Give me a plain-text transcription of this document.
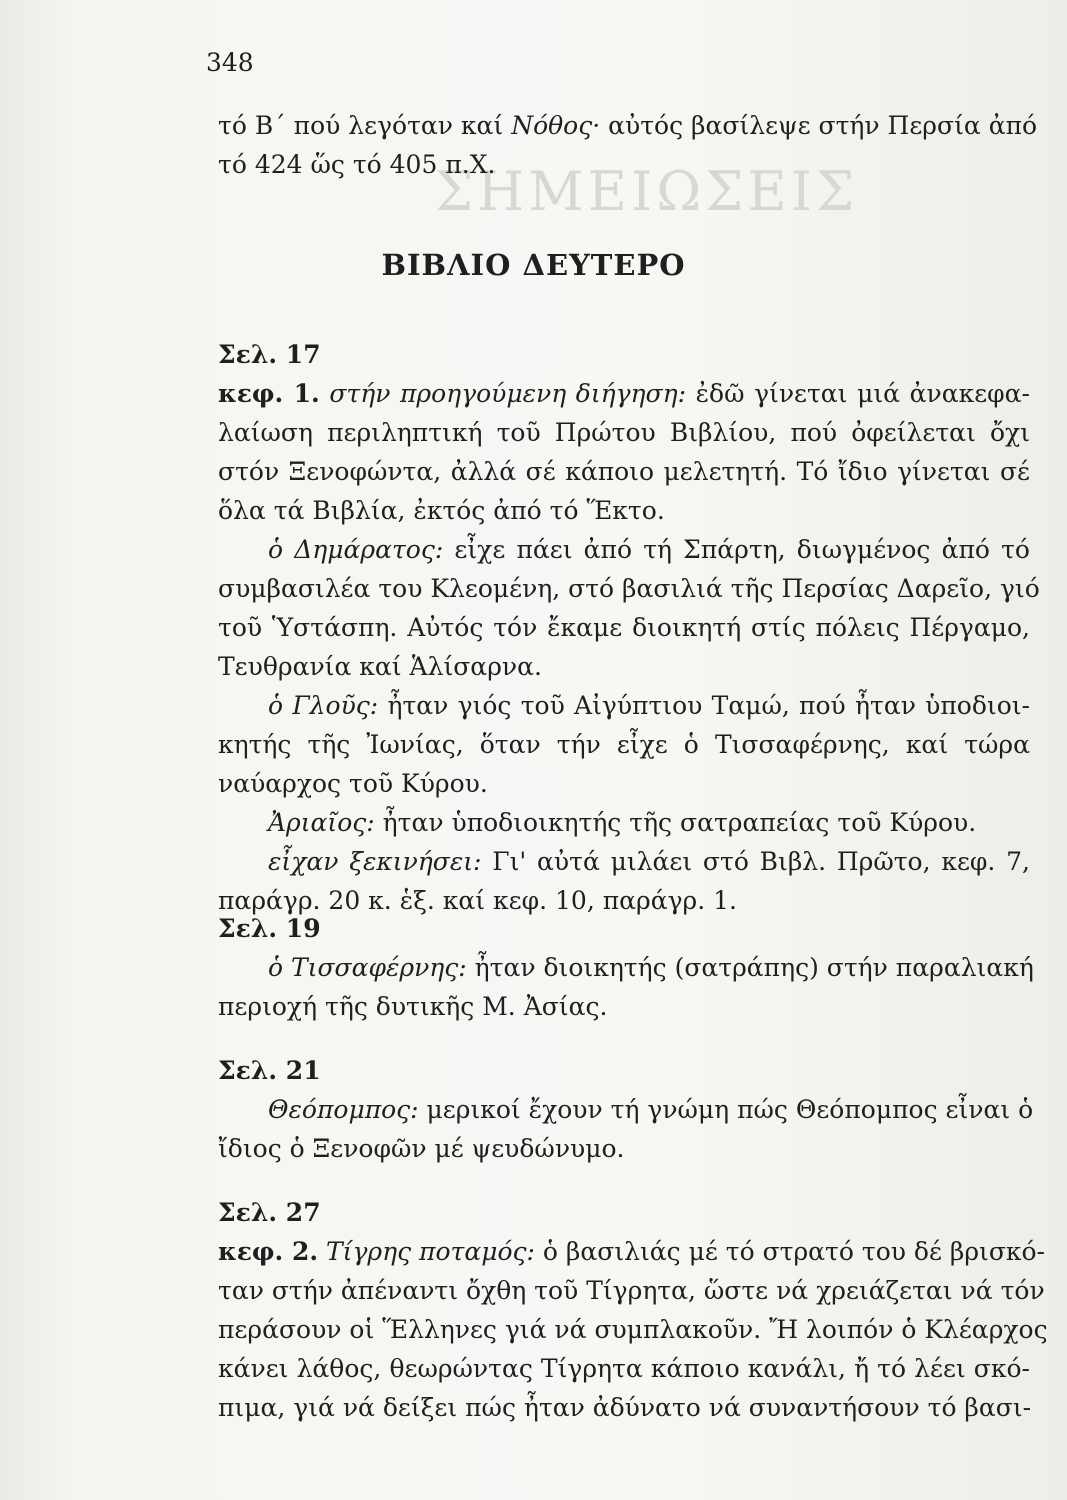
ΣΗΜΕΙΩΣΕΙΣ
348
τό Β΄ πού λεγόταν καί Νόθος· αὐτός βασίλεψε στήν Περσία ἀπό
τό 424 ὥς τό 405 π.Χ.
ΒΙΒΛΙΟ ΔΕΥΤΕΡΟ
Σελ. 17
κεφ. 1. στήν προηγούμενη διήγηση: ἐδῶ γίνεται μιά ἀνακεφα-
λαίωση περιληπτική τοῦ Πρώτου Βιβλίου, πού ὀφείλεται ὄχι
στόν Ξενοφώντα, ἀλλά σέ κάποιο μελετητή. Τό ἴδιο γίνεται σέ
ὅλα τά Βιβλία, ἐκτός ἀπό τό Ἕκτο.
ὁ Δημάρατος: εἶχε πάει ἀπό τή Σπάρτη, διωγμένος ἀπό τό
συμβασιλέα του Κλεομένη, στό βασιλιά τῆς Περσίας Δαρεῖο, γιό
τοῦ Ὑστάσπη. Αὐτός τόν ἔκαμε διοικητή στίς πόλεις Πέργαμο,
Τευθρανία καί Ἁλίσαρνα.
ὁ Γλοῦς: ἦταν γιός τοῦ Αἰγύπτιου Ταμώ, πού ἦταν ὑποδιοι-
κητής τῆς Ἰωνίας, ὅταν τήν εἶχε ὁ Τισσαφέρνης, καί τώρα
ναύαρχος τοῦ Κύρου.
Ἀριαῖος: ἦταν ὑποδιοικητής τῆς σατραπείας τοῦ Κύρου.
εἶχαν ξεκινήσει: Γι' αὐτά μιλάει στό Βιβλ. Πρῶτο, κεφ. 7,
παράγρ. 20 κ. ἑξ. καί κεφ. 10, παράγρ. 1.
Σελ. 19
ὁ Τισσαφέρνης: ἦταν διοικητής (σατράπης) στήν παραλιακή
περιοχή τῆς δυτικῆς Μ. Ἀσίας.
Σελ. 21
Θεόπομπος: μερικοί ἔχουν τή γνώμη πώς Θεόπομπος εἶναι ὁ
ἴδιος ὁ Ξενοφῶν μέ ψευδώνυμο.
Σελ. 27
κεφ. 2. Τίγρης ποταμός: ὁ βασιλιάς μέ τό στρατό του δέ βρισκό-
ταν στήν ἀπέναντι ὄχθη τοῦ Τίγρητα, ὥστε νά χρειάζεται νά τόν
περάσουν οἱ Ἕλληνες γιά νά συμπλακοῦν. Ἤ λοιπόν ὁ Κλέαρχος
κάνει λάθος, θεωρώντας Τίγρητα κάποιο κανάλι, ἤ τό λέει σκό-
πιμα, γιά νά δείξει πώς ἦταν ἀδύνατο νά συναντήσουν τό βασι-
